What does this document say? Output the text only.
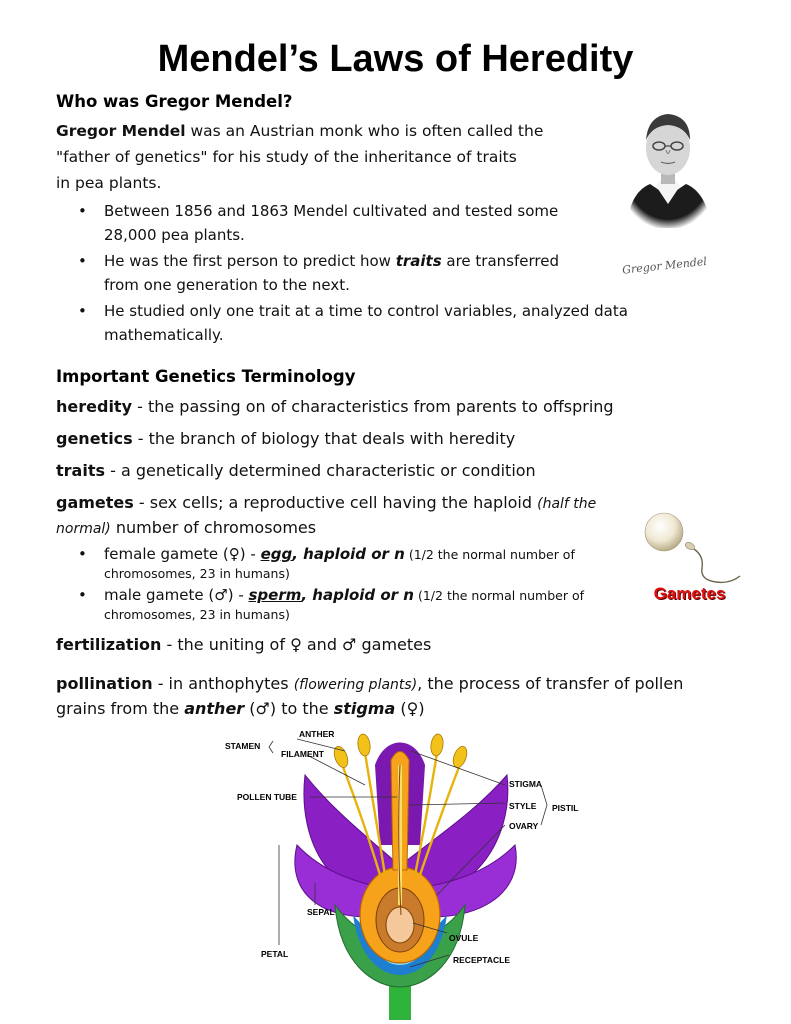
Mendel’s Laws of Heredity
Who was Gregor Mendel?
Gregor Mendel was an Austrian monk who is often called the
"father of genetics" for his study of the inheritance of traits
in pea plants.
• Between 1856 and 1863 Mendel cultivated and tested some
28,000 pea plants.
• He was the first person to predict how traits are transferred
from one generation to the next.
• He studied only one trait at a time to control variables, analyzed data
mathematically.
Gregor Mendel
Important Genetics Terminology
heredity - the passing on of characteristics from parents to offspring
genetics - the branch of biology that deals with heredity
traits - a genetically determined characteristic or condition
gametes - sex cells; a reproductive cell having the haploid (half the
normal) number of chromosomes
• female gamete (♀) - egg, haploid or n (1/2 the normal number of
chromosomes, 23 in humans)
• male gamete (♂) - sperm, haploid or n (1/2 the normal number of
chromosomes, 23 in humans)
Gametes
fertilization - the uniting of ♀ and ♂ gametes
pollination - in anthophytes (flowering plants), the process of transfer of pollen
grains from the anther (♂) to the stigma (♀)
ANTHER
STAMEN
FILAMENT
POLLEN TUBE
STIGMA
STYLE PISTIL
OVARY
SEPAL
PETAL
OVULE
RECEPTACLE
